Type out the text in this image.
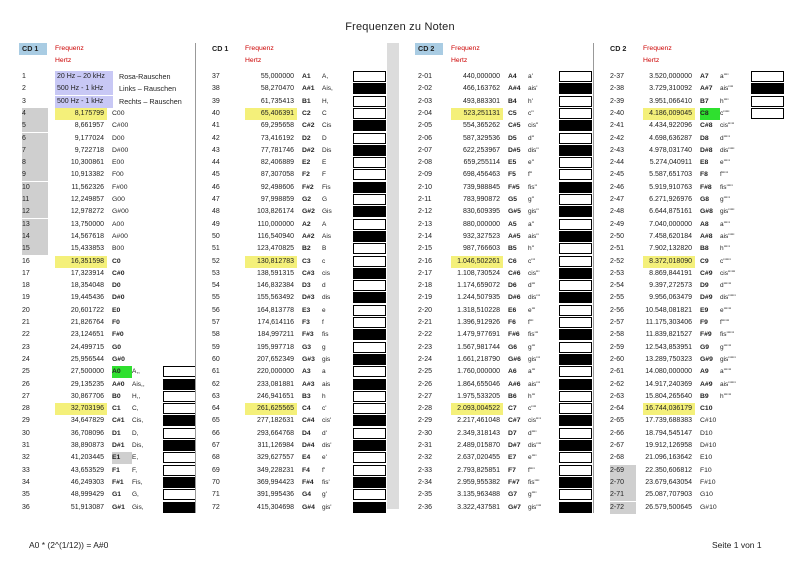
Frequenzen zu Noten
CD 1	Frequenz Hertz
1	20 Hz – 20 kHz	Rosa-Rauschen
2	500 Hz - 1 kHz	Links – Rauschen
3	500 Hz - 1 kHz	Rechts – Rauschen
4	8,175799	C00
5	8,661957	C#00
6	9,177024	D00
7	9,722718	D#00
8	10,300861	E00
9	10,913382	F00
10	11,562326	F#00
11	12,249857	G00
12	12,978272	G#00
13	13,750000	A00
14	14,567618	A#00
15	15,433853	B00
16	16,351598	C0
17	17,323914	C#0
18	18,354048	D0
19	19,445436	D#0
20	20,601722	E0
21	21,826764	F0
22	23,124651	F#0
23	24,499715	G0
24	25,956544	G#0
25	27,500000	A0	A,,
26	29,135235	A#0	Ais,,
27	30,867706	B0	H,,
28	32,703196	C1	C,
29	34,647829	C#1	Cis,
30	36,708096	D1	D,
31	38,890873	D#1	Dis,
32	41,203445	E1	E,
33	43,653529	F1	F,
34	46,249303	F#1	Fis,
35	48,999429	G1	G,
36	51,913087	G#1	Gis,
CD 1	Frequenz Hertz
37	55,000000	A1	A,
38	58,270470	A#1	Ais,
39	61,735413	B1	H,
40	65,406391	C2	C
41	69,295658	C#2	Cis
42	73,416192	D2	D
43	77,781746	D#2	Dis
44	82,406889	E2	E
45	87,307058	F2	F
46	92,498606	F#2	Fis
47	97,998859	G2	G
48	103,826174	G#2	Gis
49	110,000000	A2	A
50	116,540940	A#2	Ais
51	123,470825	B2	B
52	130,812783	C3	c
53	138,591315	C#3	cis
54	146,832384	D3	d
55	155,563492	D#3	dis
56	164,813778	E3	e
57	174,614116	F3	f
58	184,997211	F#3	fis
59	195,997718	G3	g
60	207,652349	G#3	gis
61	220,000000	A3	a
62	233,081881	A#3	ais
63	246,941651	B3	h
64	261,625565	C4	c'
65	277,182631	C#4	cis'
66	293,664768	D4	d'
67	311,126984	D#4	dis'
68	329,627557	E4	e'
69	349,228231	F4	f'
70	369,994423	F#4	fis'
71	391,995436	G4	g'
72	415,304698	G#4	gis'
CD 2	Frequenz Hertz
2-01	440,000000	A4	a'
2-02	466,163762	A#4	ais'
2-03	493,883301	B4	h'
2-04	523,251131	C5	c''
2-05	554,365262	C#5	cis''
2-06	587,329536	D5	d''
2-07	622,253967	D#5	dis''
2-08	659,255114	E5	e''
2-09	698,456463	F5	f''
2-10	739,988845	F#5	fis''
2-11	783,990872	G5	g''
2-12	830,609395	G#5	gis''
2-13	880,000000	A5	a''
2-14	932,327523	A#5	ais''
2-15	987,766603	B5	h''
2-16	1.046,502261	C6	c'''
2-17	1.108,730524	C#6	cis'''
2-18	1.174,659072	D6	d'''
2-19	1.244,507935	D#6	dis'''
2-20	1.318,510228	E6	e'''
2-21	1.396,912926	F6	f'''
2-22	1.479,977691	F#6	fis'''
2-23	1.567,981744	G6	g'''
2-24	1.661,218790	G#6	gis'''
2-25	1.760,000000	A6	a'''
2-26	1.864,655046	A#6	ais'''
2-27	1.975,533205	B6	h'''
2-28	2.093,004522	C7	c''''
2-29	2.217,461048	C#7	cis''''
2-30	2.349,318143	D7	d''''
2-31	2.489,015870	D#7	dis''''
2-32	2.637,020455	E7	e''''
2-33	2.793,825851	F7	f''''
2-34	2.959,955382	F#7	fis''''
2-35	3.135,963488	G7	g''''
2-36	3.322,437581	G#7	gis''''
CD 2	Frequenz Hertz
2-37	3.520,000000	A7	a''''
2-38	3.729,310092	A#7	ais''''
2-39	3.951,066410	B7	h''''
2-40	4.186,009045	C8	c'''''
2-41	4.434,922096	C#8	cis'''''
2-42	4.698,636287	D8	d'''''
2-43	4.978,031740	D#8	dis'''''
2-44	5.274,040911	E8	e'''''
2-45	5.587,651703	F8	f'''''
2-46	5.919,910763	F#8	fis'''''
2-47	6.271,926976	G8	g'''''
2-48	6.644,875161	G#8	gis'''''
2-49	7.040,000000	A8	a'''''
2-50	7.458,620184	A#8	ais'''''
2-51	7.902,132820	B8	h'''''
2-52	8.372,018090	C9	c''''''
2-53	8.869,844191	C#9	cis''''''
2-54	9.397,272573	D9	d''''''
2-55	9.956,063479	D#9	dis''''''
2-56	10.548,081821	E9	e''''''
2-57	11.175,303406	F9	f''''''
2-58	11.839,821527	F#9	fis''''''
2-59	12.543,853951	G9	g''''''
2-60	13.289,750323	G#9	gis''''''
2-61	14.080,000000	A9	a''''''
2-62	14.917,240369	A#9	ais''''''
2-63	15.804,265640	B9	h''''''
2-64	16.744,036179	C10
2-65	17.739,688383	C#10
2-66	18.794,545147	D10
2-67	19.912,126958	D#10
2-68	21.096,163642	E10
2-69	22.350,606812	F10
2-70	23.679,643054	F#10
2-71	25.087,707903	G10
2-72	26.579,500645	G#10
A0 * (2^(1/12)) = A#0	Seite 1 von 1
